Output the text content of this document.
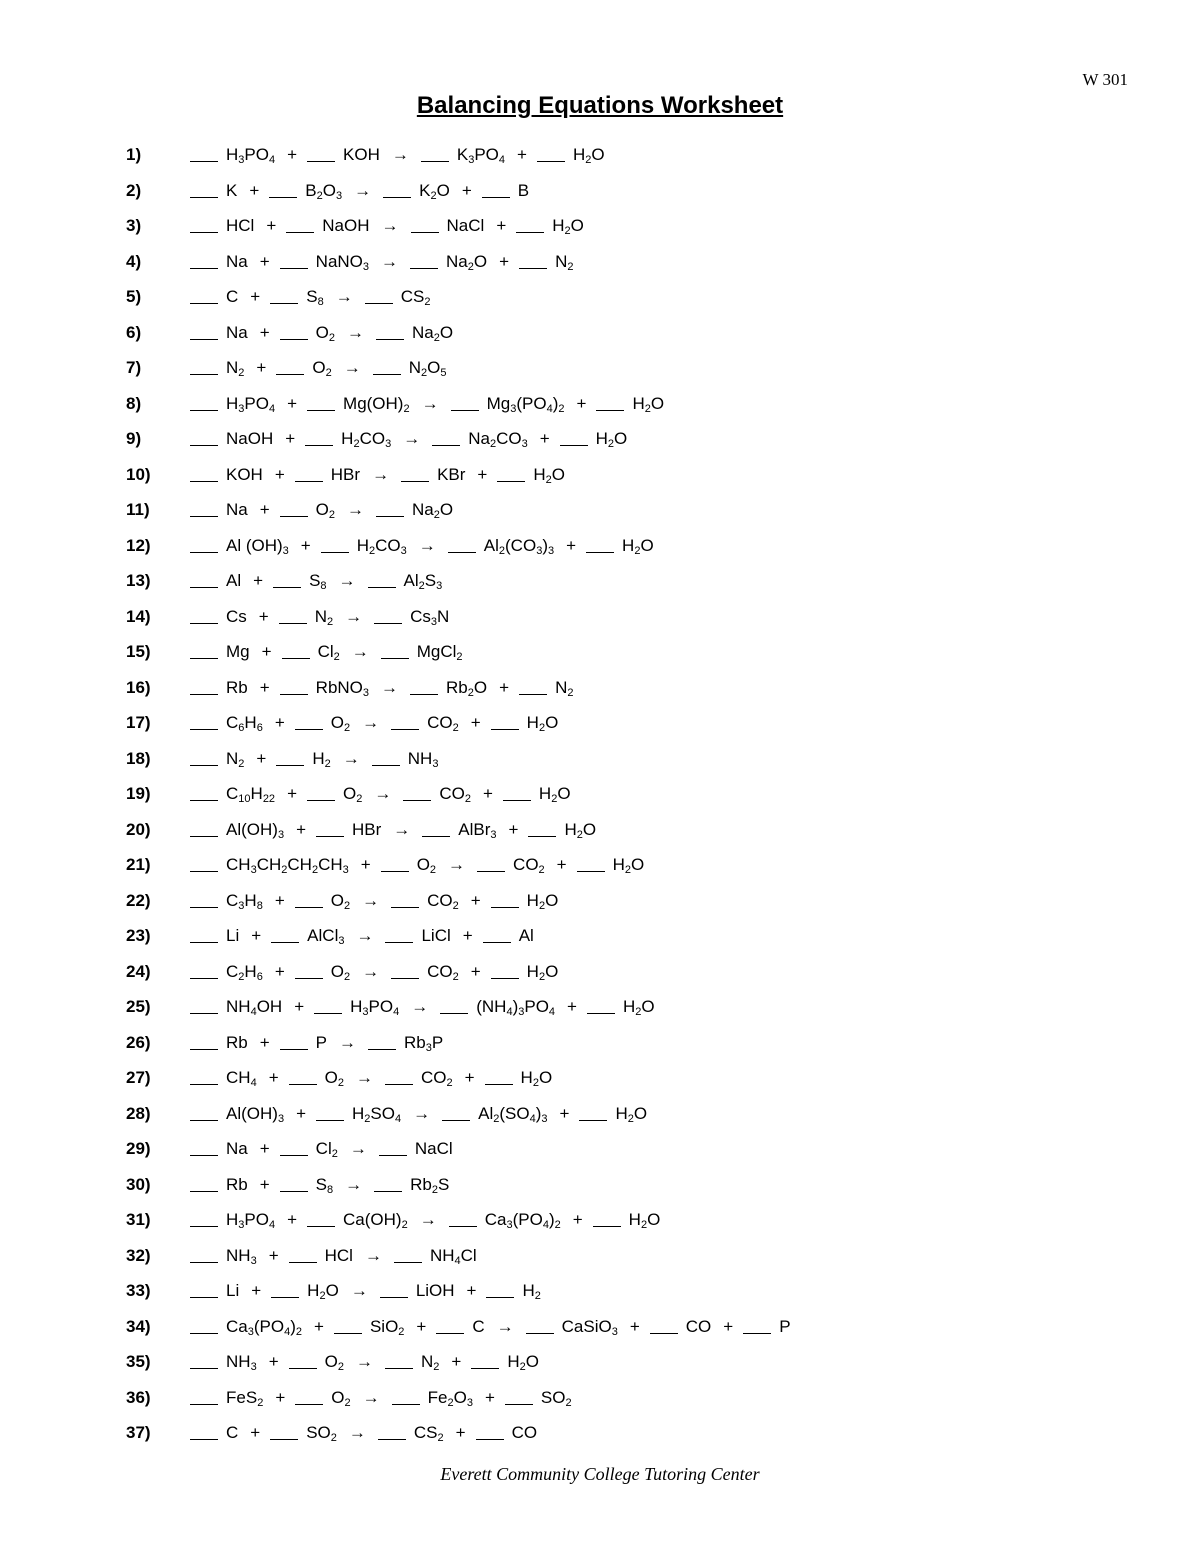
W 301
Balancing Equations Worksheet
1)	$H_3PO_4$ +	KOH →	$K_3PO_4$ +	$H_2O$
2)	K +	$B_2O_3$ →	$K_2O$ +	B
3)	HCl +	NaOH →	NaCl +	$H_2O$
4)	Na +	NaNO$_3$ →	$Na_2O$ +	$N_2$
5)	C +	$S_8$ →	$CS_2$
6)	Na +	$O_2$ →	$Na_2O$
7)	$N_2$ +	$O_2$ →	$N_2O_5$
8)	$H_3PO_4$ +	$Mg(OH)_2$ →	$Mg_3(PO_4)_2$ +	$H_2O$
9)	NaOH +	$H_2CO_3$ →	$Na_2CO_3$ +	$H_2O$
10)	KOH +	HBr →	KBr +	$H_2O$
11)	Na +	$O_2$ →	$Na_2O$
12)	Al $(OH)_3$ +	$H_2CO_3$ →	$Al_2(CO_3)_3$ +	$H_2O$
13)	Al +	$S_8$ →	$Al_2S_3$
14)	Cs +	$N_2$ →	$Cs_3N$
15)	Mg +	$Cl_2$ →	MgCl$_2$
16)	Rb +	RbNO$_3$ →	$Rb_2O$ +	$N_2$
17)	$C_6H_6$ +	$O_2$ →	$CO_2$ +	$H_2O$
18)	$N_2$ +	$H_2$ →	$NH_3$
19)	$C_{10}H_{22}$ +	$O_2$ →	$CO_2$ +	$H_2O$
20)	$Al(OH)_3$ +	HBr →	AlBr$_3$ +	$H_2O$
21)	$CH_3CH_2CH_2CH_3$ +	$O_2$ →	$CO_2$ +	$H_2O$
22)	$C_3H_8$ +	$O_2$ →	$CO_2$ +	$H_2O$
23)	Li +	AlCl$_3$ →	LiCl +	Al
24)	$C_2H_6$ +	$O_2$ →	$CO_2$ +	$H_2O$
25)	$NH_4OH$ +	$H_3PO_4$ →	$(NH_4)_3PO_4$ +	$H_2O$
26)	Rb +	P →	$Rb_3P$
27)	$CH_4$ +	$O_2$ →	$CO_2$ +	$H_2O$
28)	$Al(OH)_3$ +	$H_2SO_4$ →	$Al_2(SO_4)_3$ +	$H_2O$
29)	Na +	$Cl_2$ →	NaCl
30)	Rb +	$S_8$ →	$Rb_2S$
31)	$H_3PO_4$ +	$Ca(OH)_2$ →	$Ca_3(PO_4)_2$ +	$H_2O$
32)	$NH_3$ +	HCl →	$NH_4Cl$
33)	Li +	$H_2O$ →	LiOH +	$H_2$
34)	$Ca_3(PO_4)_2$ +	SiO$_2$ +	C →	CaSiO$_3$ +	CO +	P
35)	$NH_3$ +	$O_2$ →	$N_2$ +	$H_2O$
36)	FeS$_2$ +	$O_2$ →	$Fe_2O_3$ +	$SO_2$
37)	C +	$SO_2$ →	$CS_2$ +	CO
Everett Community College Tutoring Center
